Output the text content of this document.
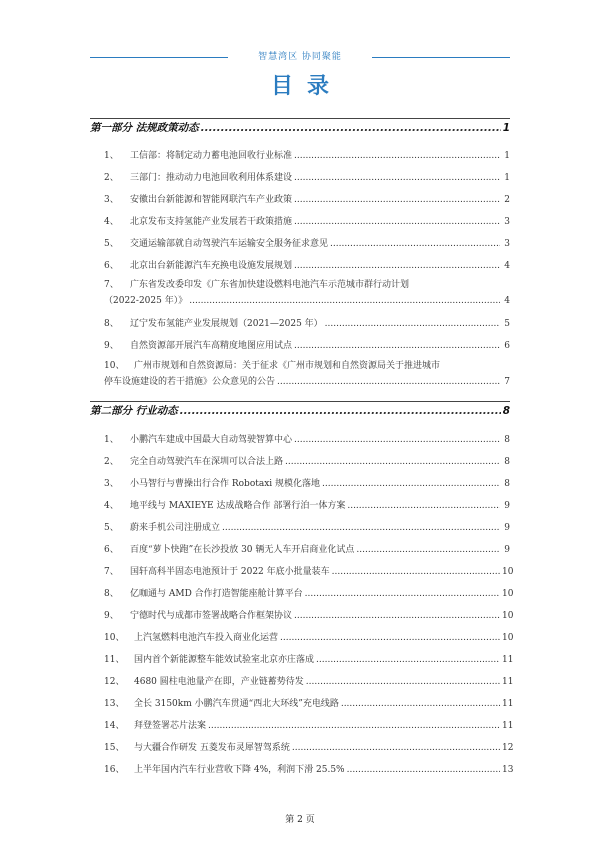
智慧湾区 协同聚能
目录
第一部分 法规政策动态 .....	1
1、	工信部：将制定动力蓄电池回收行业标准 .....	1
2、	三部门：推动动力电池回收利用体系建设 .....	1
3、	安徽出台新能源和智能网联汽车产业政策 .....	2
4、	北京发布支持氢能产业发展若干政策措施 .....	3
5、	交通运输部就自动驾驶汽车运输安全服务征求意见 .....	3
6、	北京出台新能源汽车充换电设施发展规划 .....	4
7、 广东省发改委印发《广东省加快建设燃料电池汽车示范城市群行动计划
（2022-2025 年）》 .....	4
8、	辽宁发布氢能产业发展规划（2021—2025 年） .....	5
9、	自然资源部开展汽车高精度地图应用试点 .....	6
10、 广州市规划和自然资源局：关于征求《广州市规划和自然资源局关于推进城市
停车设施建设的若干措施》公众意见的公告 .....	7
第二部分 行业动态 .....	8
1、	小鹏汽车建成中国最大自动驾驶智算中心 .....	8
2、	完全自动驾驶汽车在深圳可以合法上路 .....	8
3、	小马智行与曹操出行合作 Robotaxi 规模化落地 .....	8
4、	地平线与 MAXIEYE 达成战略合作 部署行泊一体方案 .....	9
5、	蔚来手机公司注册成立 .....	9
6、	百度“萝卜快跑”在长沙投放 30 辆无人车开启商业化试点 .....	9
7、	国轩高科半固态电池预计于 2022 年底小批量装车 .....	10
8、	亿咖通与 AMD 合作打造智能座舱计算平台 .....	10
9、	宁德时代与成都市签署战略合作框架协议 .....	10
10、	上汽氢燃料电池汽车投入商业化运营 .....	10
11、	国内首个新能源整车能效试验室北京亦庄落成 .....	11
12、	4680 圆柱电池量产在即，产业链蓄势待发 .....	11
13、	全长 3150km 小鹏汽车贯通“西北大环线”充电线路 .....	11
14、	拜登签署芯片法案 .....	11
15、	与大疆合作研发 五菱发布灵犀智驾系统 .....	12
16、	上半年国内汽车行业营收下降 4%，利润下滑 25.5% .....	13
第 2 页
